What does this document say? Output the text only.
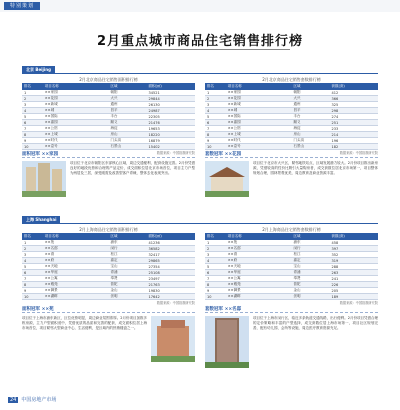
特别策划
2月重点城市商品住宅销售排行榜
北京 Beijing
2月北京商品住宅销售面积排行榜
排名	项目名称	区域	面积(㎡)
1	××家园	朝阳	34521
2	××花园	大兴	29844
3	××新城	通州	26130
4	××城	昌平	24987
5	××国际	丰台	22305
6	××嘉园	顺义	21476
7	××公馆	海淀	19653
8	××上城	房山	18220
9	××时代	门头沟	16879
10	××壹号	石景山	15402
数据来源：中国指数研究院
2月北京商品住宅销售套数排行榜
排名	项目名称	区域	套数(套)
1	××家园	朝阳	412
2	××花园	大兴	366
3	××新城	通州	325
4	××城	昌平	298
5	××国际	丰台	274
6	××嘉园	顺义	251
7	××公馆	海淀	233
8	××上城	房山	214
9	××时代	门头沟	196
10	××壹号	石景山	182
数据来源：中国指数研究院
面积冠军 ××家园
项目位于北京市朝阳区东部核心区域，周边交通便利，配套设施完善。2月份凭借良好的地段优势和合理的产品定价，成交面积位居北京市场首位，项目主力户型为两居及三居，深受刚需及改善型客户青睐，整体去化表现突出。
套数冠军 ××花园
项目位于北京市大兴区，紧邻地铁站点，区域发展潜力较大。2月份项目推出新房源，凭借较高的性价比吸引大量购房者，成交套数位居北京市场第一，项目整体规划合理，园林景观优美，周边教育及商业资源丰富。
上海 Shanghai
2月上海商品住宅销售面积排行榜
排名	项目名称	区域	面积(㎡)
1	××苑	浦东	41236
2	××名邸	闵行	36582
3	××湾	松江	32417
4	××府	嘉定	29865
5	××天地	宝山	27354
6	××华庭	青浦	25108
7	××公寓	奉贤	23497
8	××雅苑	普陀	21763
9	××御景	金山	19830
10	××湖畔	崇明	17642
数据来源：中国指数研究院
2月上海商品住宅销售套数排行榜
排名	项目名称	区域	套数(套)
1	××苑	浦东	458
2	××名邸	闵行	397
3	××湾	松江	352
4	××府	嘉定	319
5	××天地	宝山	288
6	××华庭	青浦	263
7	××公寓	奉贤	241
8	××雅苑	普陀	226
9	××御景	金山	205
10	××湖畔	崇明	189
数据来源：中国指数研究院
面积冠军 ××苑
项目位于上海市浦东新区，区位优势明显，周边商业氛围浓厚。2月份项目加推多栋房源，主力户型面积适中，凭借优质的品质和完善的配套，成交面积位居上海市场首位，项目紧邻大型商业中心，生活便利，是区域内的热销楼盘之一。
套数冠军 ××名邸
项目位于上海市闵行区，临近多条轨道交通线路，出行便利。2月份项目凭借合理的定价策略和丰富的户型选择，成交套数位居上海市场第一，项目社区规划完善，配有幼儿园、会所等设施，周边医疗教育资源充足。
24 中国房地产市场
